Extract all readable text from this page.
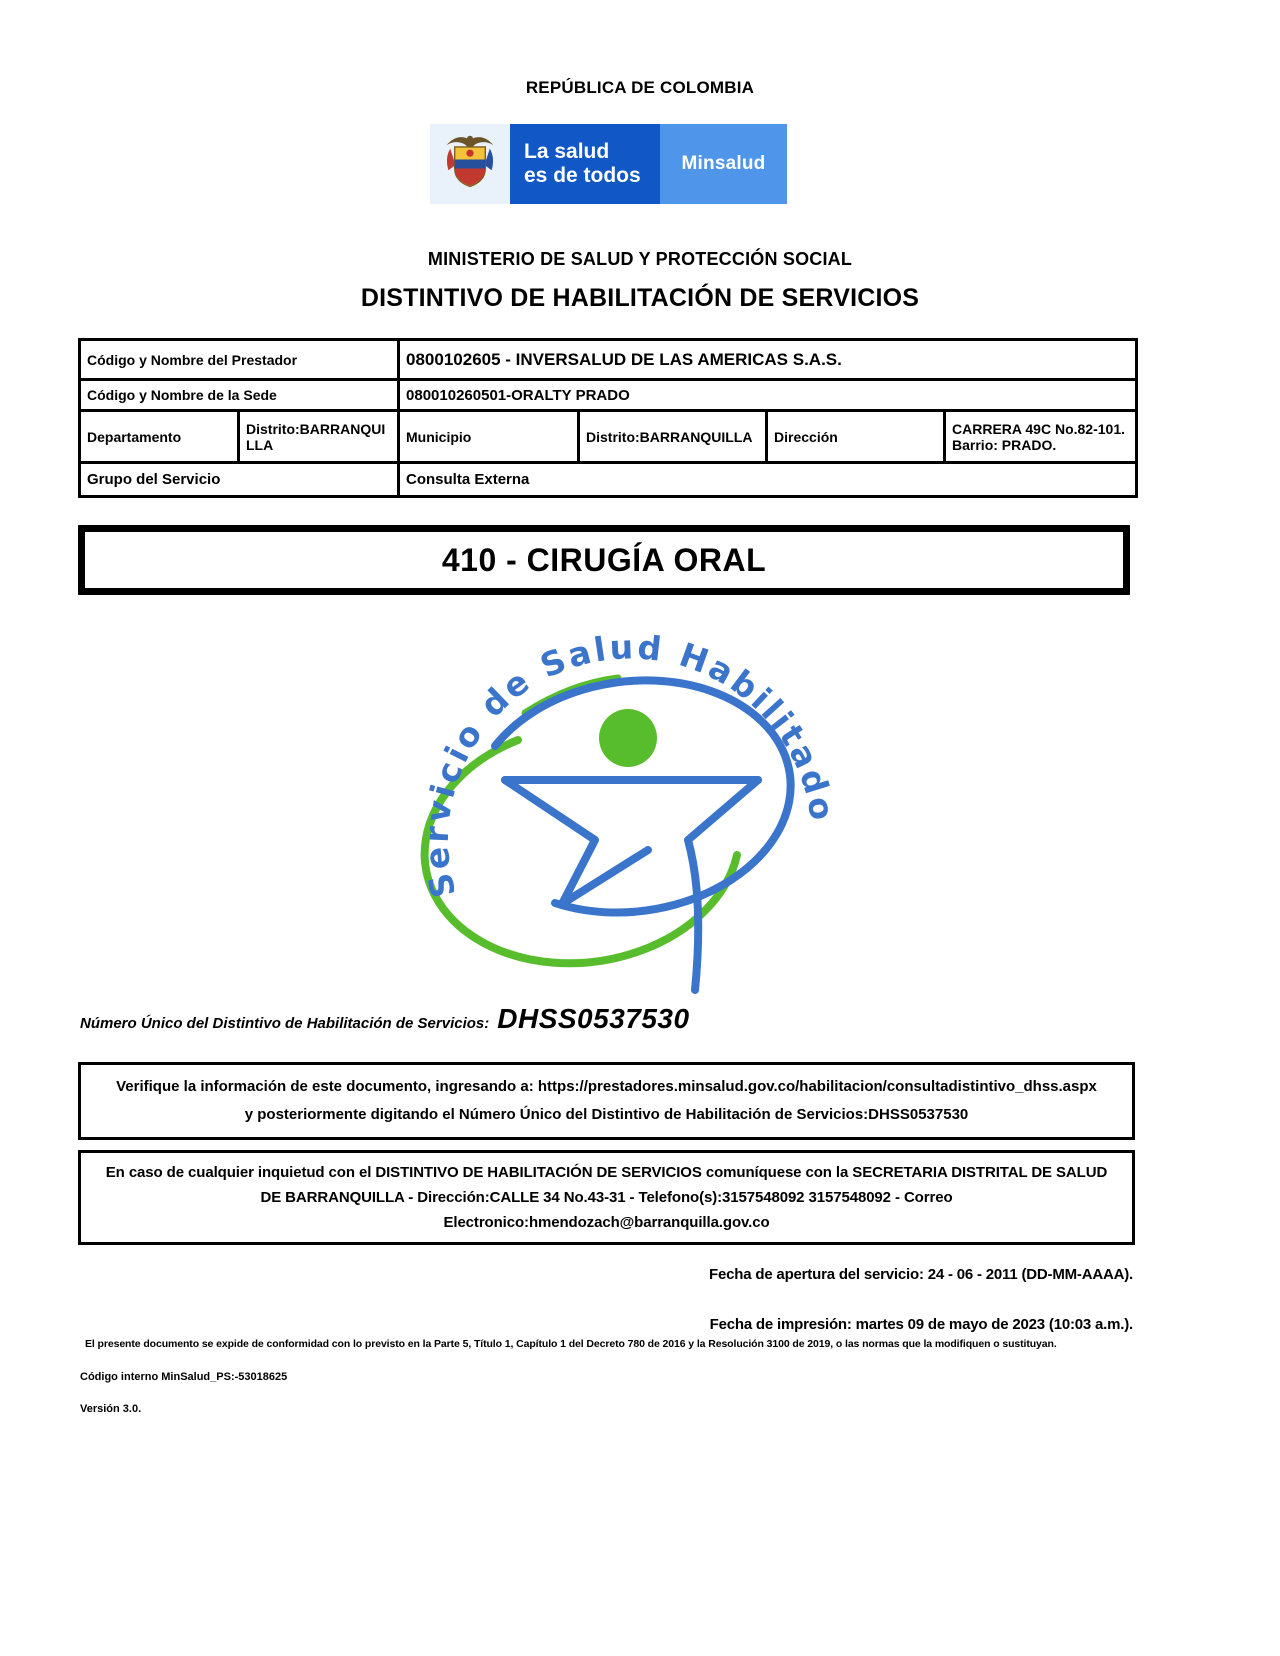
REPÚBLICA DE COLOMBIA
La salud
es de todos
Minsalud
MINISTERIO DE SALUD Y PROTECCIÓN SOCIAL
DISTINTIVO DE HABILITACIÓN DE SERVICIOS
Código y Nombre del Prestador		0800102605 - INVERSALUD DE LAS AMERICAS S.A.S.			
Código y Nombre de la Sede		080010260501-ORALTY PRADO			
Departamento	Distrito:BARRANQUILLA	Municipio	Distrito:BARRANQUILLA	Dirección	CARRERA 49C No.82-101. Barrio: PRADO.
Grupo del Servicio		Consulta Externa			
410 - CIRUGÍA ORAL
Servicio de Salud Habilitado
Número Único del Distintivo de Habilitación de Servicios: DHSS0537530
Verifique la información de este documento, ingresando a: https://prestadores.minsalud.gov.co/habilitacion/consultadistintivo_dhss.aspx
y posteriormente digitando el Número Único del Distintivo de Habilitación de Servicios:DHSS0537530
En caso de cualquier inquietud con el DISTINTIVO DE HABILITACIÓN DE SERVICIOS comuníquese con la SECRETARIA DISTRITAL DE SALUD DE BARRANQUILLA - Dirección:CALLE 34 No.43-31 - Telefono(s):3157548092 3157548092 - Correo Electronico:hmendozach@barranquilla.gov.co
Fecha de apertura del servicio: 24 - 06 - 2011 (DD-MM-AAAA).
Fecha de impresión: martes 09 de mayo de 2023 (10:03 a.m.).
El presente documento se expide de conformidad con lo previsto en la Parte 5, Título 1, Capítulo 1 del Decreto 780 de 2016 y la Resolución 3100 de 2019, o las normas que la modifiquen o sustituyan.
Código interno MinSalud_PS:-53018625
Versión 3.0.
